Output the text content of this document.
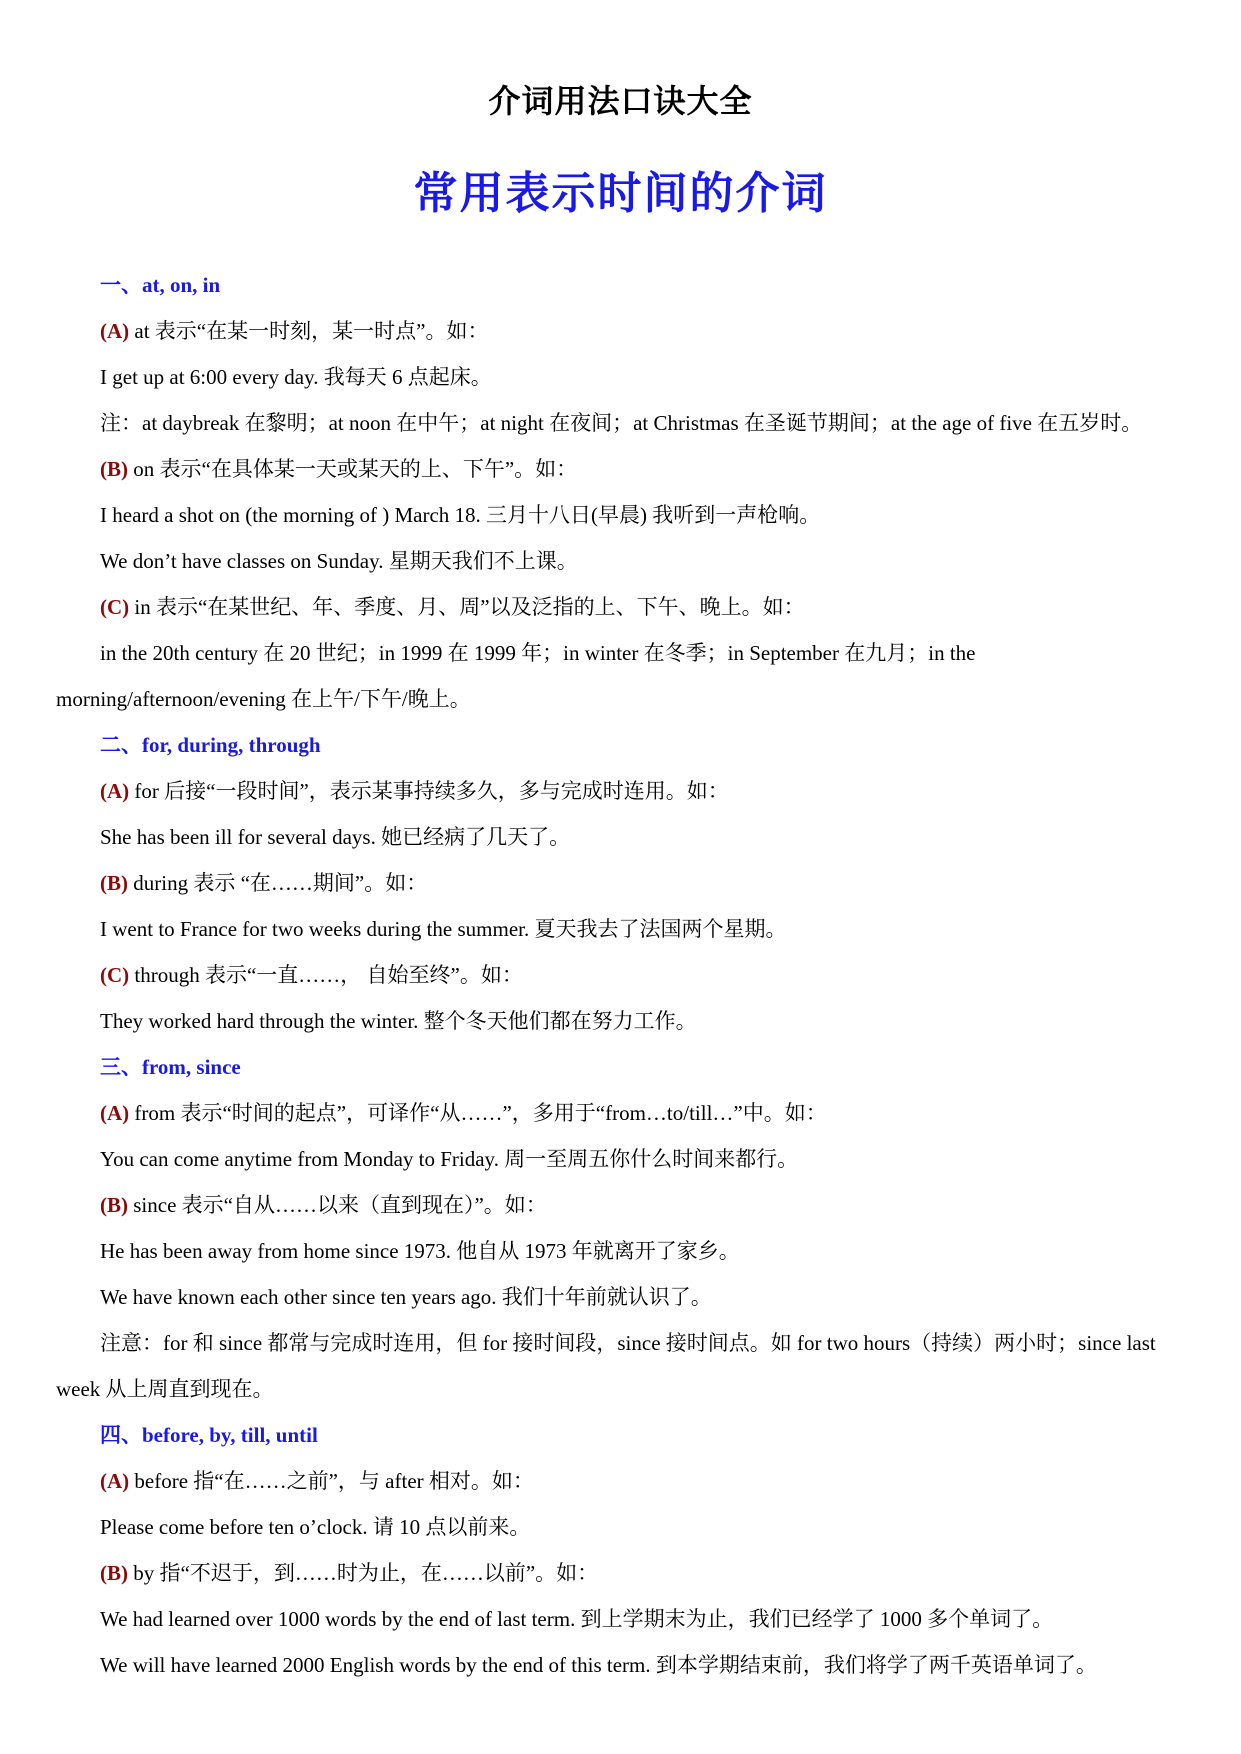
介词用法口诀大全
常用表示时间的介词
一、at, on, in
(A) at 表示“在某一时刻，某一时点”。如：
I get up at 6:00 every day. 我每天 6 点起床。
注：at daybreak 在黎明；at noon 在中午；at night 在夜间；at Christmas 在圣诞节期间；at the age of five 在五岁时。
(B) on 表示“在具体某一天或某天的上、下午”。如：
I heard a shot on (the morning of ) March 18. 三月十八日(早晨) 我听到一声枪响。
We don’t have classes on Sunday. 星期天我们不上课。
(C) in 表示“在某世纪、年、季度、月、周”以及泛指的上、下午、晚上。如：
in the 20th century 在 20 世纪；in 1999 在 1999 年；in winter 在冬季；in September 在九月；in the
morning/afternoon/evening 在上午/下午/晚上。
二、for, during, through
(A) for 后接“一段时间”，表示某事持续多久，多与完成时连用。如：
She has been ill for several days. 她已经病了几天了。
(B) during 表示 “在……期间”。如：
I went to France for two weeks during the summer. 夏天我去了法国两个星期。
(C) through 表示“一直……， 自始至终”。如：
They worked hard through the winter. 整个冬天他们都在努力工作。
三、from, since
(A) from 表示“时间的起点”，可译作“从……”，多用于“from…to/till…”中。如：
You can come anytime from Monday to Friday. 周一至周五你什么时间来都行。
(B) since 表示“自从……以来（直到现在）”。如：
He has been away from home since 1973. 他自从 1973 年就离开了家乡。
We have known each other since ten years ago. 我们十年前就认识了。
注意：for 和 since 都常与完成时连用，但 for 接时间段，since 接时间点。如 for two hours（持续）两小时；since last
week 从上周直到现在。
四、before, by, till, until
(A) before 指“在……之前”，与 after 相对。如：
Please come before ten o’clock. 请 10 点以前来。
(B) by 指“不迟于，到……时为止，在……以前”。如：
We had learned over 1000 words by the end of last term. 到上学期末为止，我们已经学了 1000 多个单词了。
We will have learned 2000 English words by the end of this term. 到本学期结束前，我们将学了两千英语单词了。
